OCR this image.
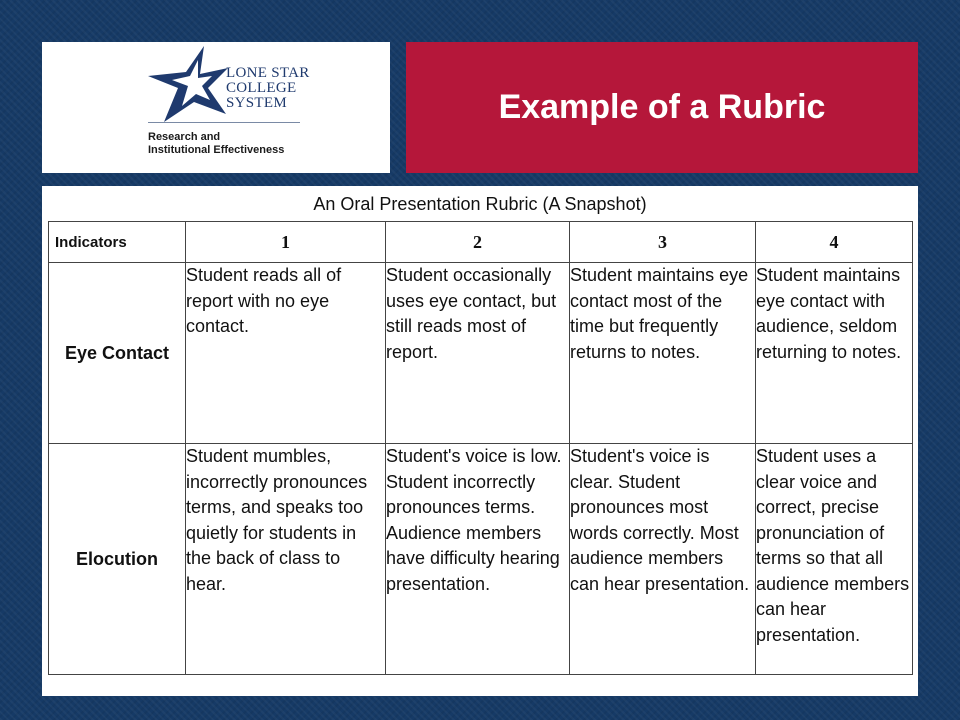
LONE STAR
COLLEGE
SYSTEM
Research and
Institutional Effectiveness
Example of a Rubric
An Oral Presentation Rubric (A Snapshot)
Indicators	1	2	3	4
Eye Contact	Student reads all of report with no eye contact.	Student occasionally uses eye contact, but still reads most of report.	Student maintains eye contact most of the time but frequently returns to notes.	Student maintains eye contact with audience, seldom returning to notes.
Elocution	Student mumbles, incorrectly pronounces terms, and speaks too quietly for students in the back of class to hear.	Student's voice is low. Student incorrectly pronounces terms. Audience members have difficulty hearing presentation.	Student's voice is clear. Student pronounces most words correctly. Most audience members can hear presentation.	Student uses a clear voice and correct, precise pronunciation of terms so that all audience members can hear presentation.
